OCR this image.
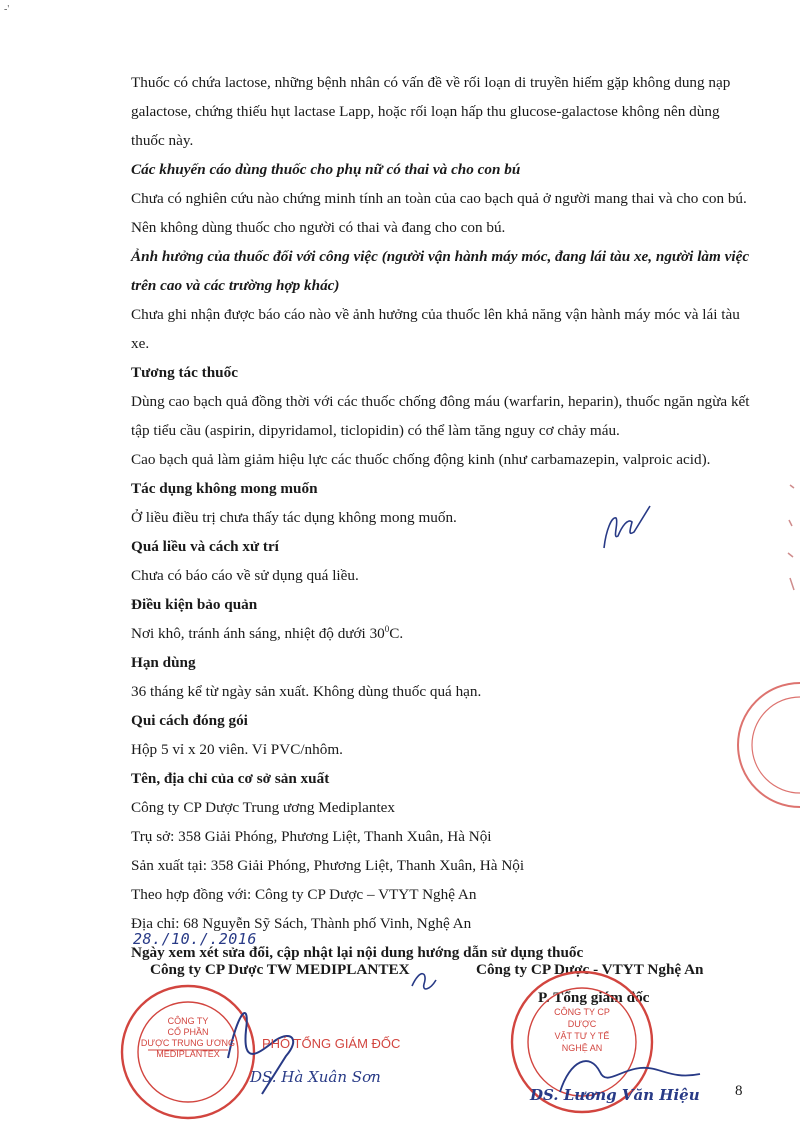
-'

Thuốc có chứa lactose, những bệnh nhân có vấn đề về rối loạn di truyền hiếm gặp không dung nạp galactose, chứng thiếu hụt lactase Lapp, hoặc rối loạn hấp thu glucose-galactose không nên dùng thuốc này.

Các khuyến cáo dùng thuốc cho phụ nữ có thai và cho con bú

Chưa có nghiên cứu nào chứng minh tính an toàn của cao bạch quả ở người mang thai và cho con bú. Nên không dùng thuốc cho người có thai và đang cho con bú.

Ảnh hưởng của thuốc đối với công việc (người vận hành máy móc, đang lái tàu xe, người làm việc trên cao và các trường hợp khác)

Chưa ghi nhận được báo cáo nào về ảnh hưởng của thuốc lên khả năng vận hành máy móc và lái tàu xe.

Tương tác thuốc

Dùng cao bạch quả đồng thời với các thuốc chống đông máu (warfarin, heparin), thuốc ngăn ngừa kết tập tiểu cầu (aspirin, dipyridamol, ticlopidin) có thể làm tăng nguy cơ chảy máu.

Cao bạch quả làm giảm hiệu lực các thuốc chống động kinh (như carbamazepin, valproic acid).

Tác dụng không mong muốn

Ở liều điều trị chưa thấy tác dụng không mong muốn.

Quá liều và cách xử trí

Chưa có báo cáo về sử dụng quá liều.

Điều kiện bảo quản

Nơi khô, tránh ánh sáng, nhiệt độ dưới $30^0C$.

Hạn dùng

36 tháng kể từ ngày sản xuất. Không dùng thuốc quá hạn.

Qui cách đóng gói

Hộp 5 vỉ x 20 viên. Vỉ PVC/nhôm.

Tên, địa chỉ của cơ sở sản xuất

Công ty CP Dược Trung ương Mediplantex

Trụ sở: 358 Giải Phóng, Phương Liệt, Thanh Xuân, Hà Nội

Sản xuất tại: 358 Giải Phóng, Phương Liệt, Thanh Xuân, Hà Nội

Theo hợp đồng với: Công ty CP Dược – VTYT Nghệ An

Địa chỉ: 68 Nguyễn Sỹ Sách, Thành phố Vinh, Nghệ An

Ngày xem xét sửa đổi, cập nhật lại nội dung hướng dẫn sử dụng thuốc

28./10./.2016
Công ty CP Dược TW MEDIPLANTEX	Công ty CP Dược - VTYT Nghệ An
P. Tổng giám đốc
8
CÔNG TY
CỔ PHẦN
DƯỢC TRUNG ƯƠNG
MEDIPLANTEX
PHÓ TỔNG GIÁM ĐỐC
DS. Hà Xuân Sơn
CÔNG TY CP
DƯỢC
VẬT TƯ Y TẾ
NGHỆ AN
DS. Lương Văn Hiệu
